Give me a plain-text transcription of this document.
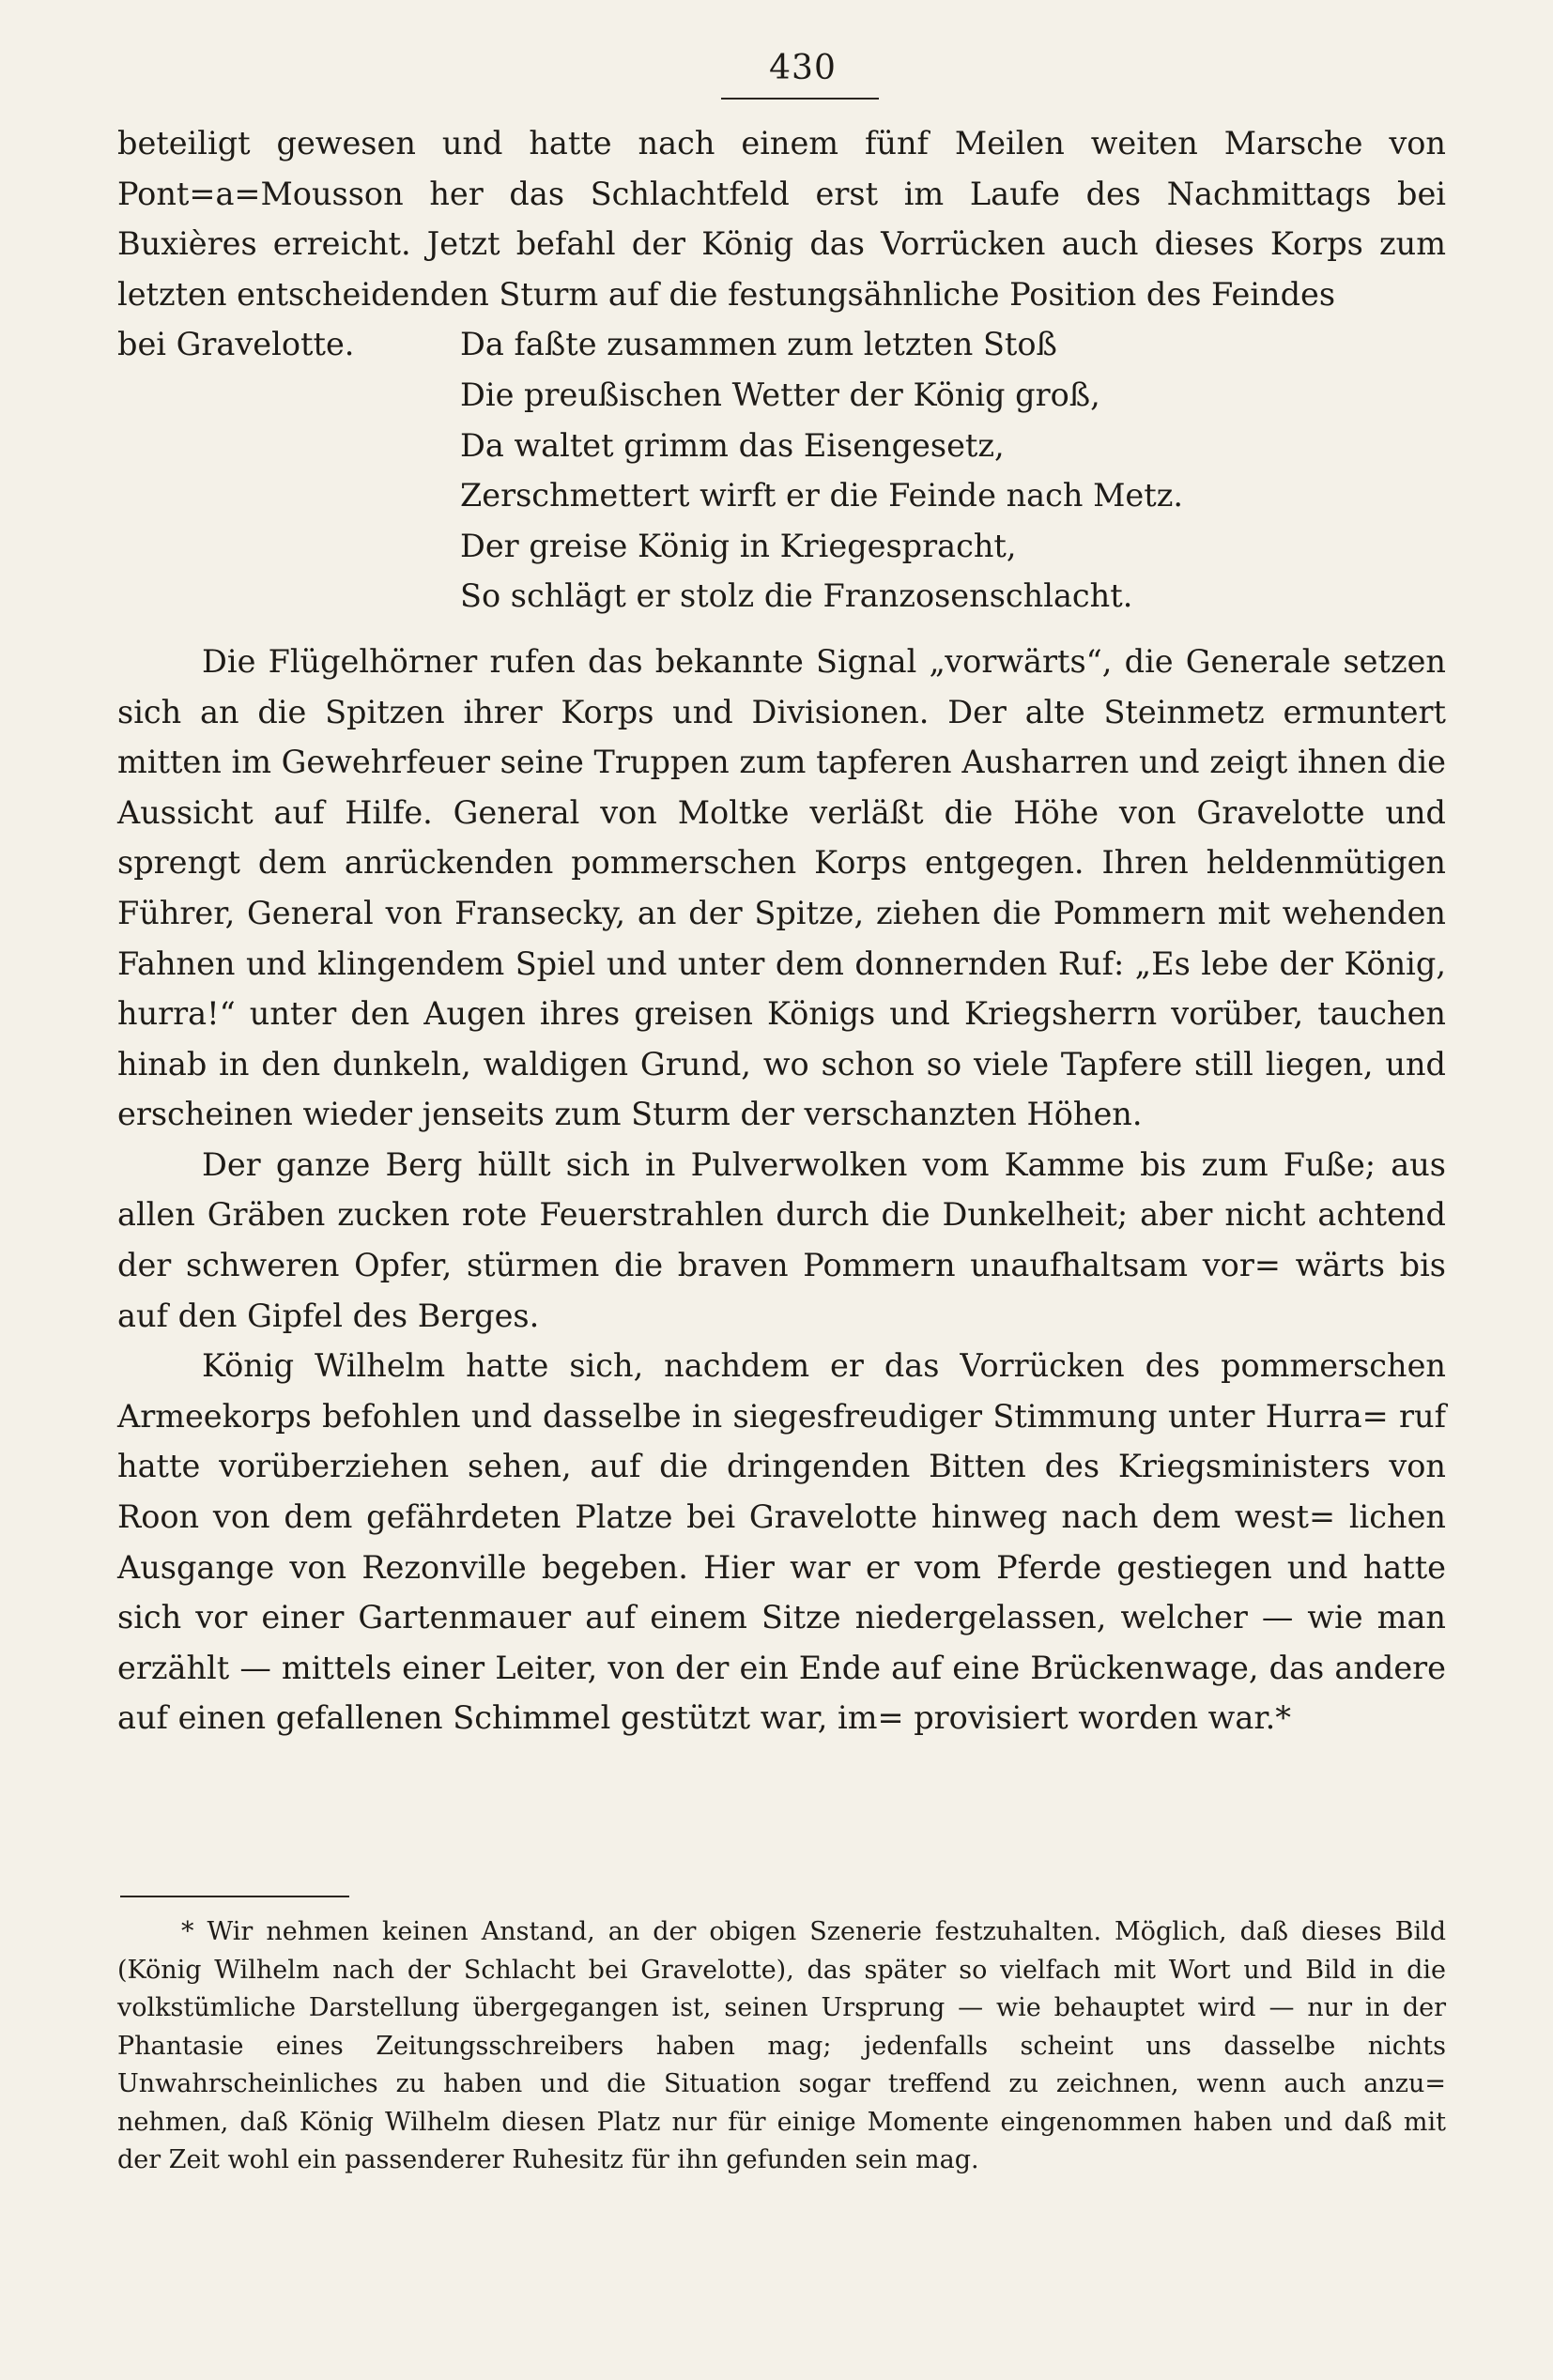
430

beteiligt gewesen und hatte nach einem fünf Meilen weiten Marsche von Pont=a=Mousson her das Schlachtfeld erst im Laufe des Nachmittags bei Buxières erreicht. Jetzt befahl der König das Vorrücken auch dieses Korps zum letzten entscheidenden Sturm auf die festungsähnliche Position des Feindes

bei Gravelotte.	Da faßte zusammen zum letzten Stoß
Die preußischen Wetter der König groß,
Da waltet grimm das Eisengesetz,
Zerschmettert wirft er die Feinde nach Metz.
Der greise König in Kriegespracht,
So schlägt er stolz die Franzosenschlacht.

Die Flügelhörner rufen das bekannte Signal „vorwärts“, die Generale setzen sich an die Spitzen ihrer Korps und Divisionen. Der alte Steinmetz ermuntert mitten im Gewehrfeuer seine Truppen zum tapferen Ausharren und zeigt ihnen die Aussicht auf Hilfe. General von Moltke verläßt die Höhe von Gravelotte und sprengt dem anrückenden pommerschen Korps entgegen. Ihren heldenmütigen Führer, General von Fransecky, an der Spitze, ziehen die Pommern mit wehenden Fahnen und klingendem Spiel und unter dem donnernden Ruf: „Es lebe der König, hurra!“ unter den Augen ihres greisen Königs und Kriegsherrn vorüber, tauchen hinab in den dunkeln, waldigen Grund, wo schon so viele Tapfere still liegen, und erscheinen wieder jenseits zum Sturm der verschanzten Höhen.

Der ganze Berg hüllt sich in Pulverwolken vom Kamme bis zum Fuße; aus allen Gräben zucken rote Feuerstrahlen durch die Dunkelheit; aber nicht achtend der schweren Opfer, stürmen die braven Pommern unaufhaltsam vor= wärts bis auf den Gipfel des Berges.

König Wilhelm hatte sich, nachdem er das Vorrücken des pommerschen Armeekorps befohlen und dasselbe in siegesfreudiger Stimmung unter Hurra= ruf hatte vorüberziehen sehen, auf die dringenden Bitten des Kriegsministers von Roon von dem gefährdeten Platze bei Gravelotte hinweg nach dem west= lichen Ausgange von Rezonville begeben. Hier war er vom Pferde gestiegen und hatte sich vor einer Gartenmauer auf einem Sitze niedergelassen, welcher — wie man erzählt — mittels einer Leiter, von der ein Ende auf eine Brückenwage, das andere auf einen gefallenen Schimmel gestützt war, im= provisiert worden war.*

* Wir nehmen keinen Anstand, an der obigen Szenerie festzuhalten. Möglich, daß dieses Bild (König Wilhelm nach der Schlacht bei Gravelotte), das später so vielfach mit Wort und Bild in die volkstümliche Darstellung übergegangen ist, seinen Ursprung — wie behauptet wird — nur in der Phantasie eines Zeitungsschreibers haben mag; jedenfalls scheint uns dasselbe nichts Unwahrscheinliches zu haben und die Situation sogar treffend zu zeichnen, wenn auch anzu= nehmen, daß König Wilhelm diesen Platz nur für einige Momente eingenommen haben und daß mit der Zeit wohl ein passenderer Ruhesitz für ihn gefunden sein mag.
